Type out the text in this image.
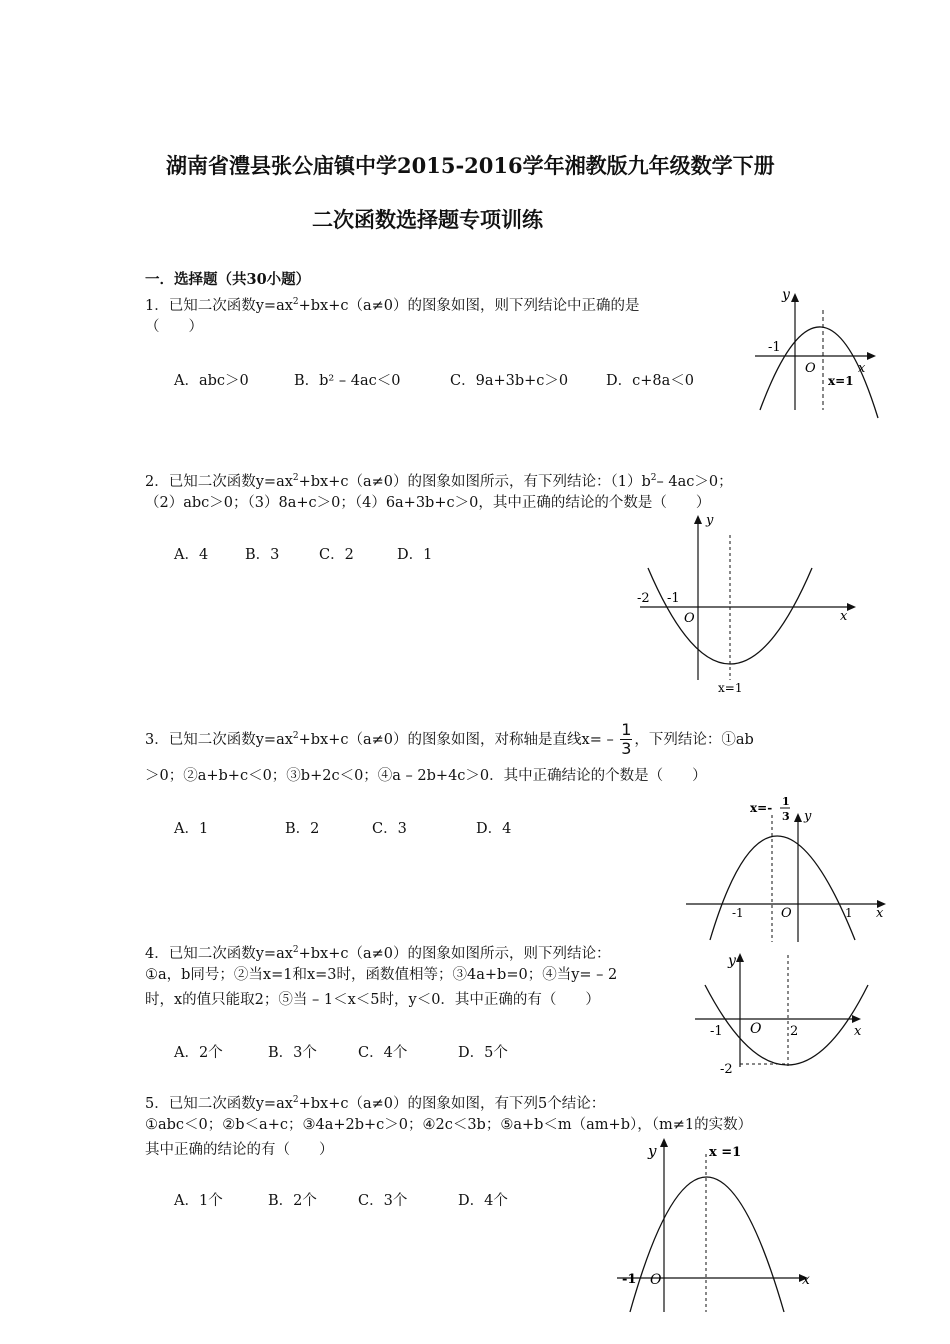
湖南省澧县张公庙镇中学2015-2016学年湘教版九年级数学下册
二次函数选择题专项训练
一．选择题（共30小题）
1．已知二次函数$y=ax^2+bx+c(a\ne 0)$的图象如图，则下列结论中正确的是
（　　）
A．abc＞0	B．b² – 4ac＜0	C．9a+3b+c＞0	D．c+8a＜0
y
-1
O	x
x=1
2．已知二次函数$y=ax^2+bx+c(a\ne 0)$的图象如图所示，有下列结论：$(1)b^2-$ 4ac＞0；
（2）abc＞0；（3）8a+c＞0；（4）6a+3b+c＞0，其中正确的结论的个数是（　　）
A．4	B．3	C．2	D．1
y
-2 -1
O	x
x=1
3．已知二次函数$y=ax^2+bx+c(a\ne 0)$的图象如图，对称轴是直线$x= - \frac{1}{3}$ ，下列结论：①ab
＞0；②a+b+c＜0；③b+2c＜0；④a – 2b+4c＞0．其中正确结论的个数是（　　）
A．1	B．2	C．3	D．4
x=- 1
3 y
-1	O	1 x
4．已知二次函数$y=ax^2+bx+c(a\ne 0)$的图象如图所示，则下列结论：
①a，b同号；②当x=1和x=3时，函数值相等；③4a+b=0；④当y= – 2
时，x的值只能取2；⑤当 – 1＜x＜5时，y＜0．其中正确的有（　　）
A．2个	B．3个	C．4个	D．5个
y
-1 O 2
-2
x
5．已知二次函数$y=ax^2+bx+c(a\ne 0)$的图象如图，有下列5个结论：
①abc＜0；②b＜a+c；③4a+2b+c＞0；④2c＜3b；⑤a+b＜m（am+b），（m≠1的实数）
其中正确的结论的有（　　）
A．1个	B．2个	C．3个	D．4个
y	x =1
-1 O	x
